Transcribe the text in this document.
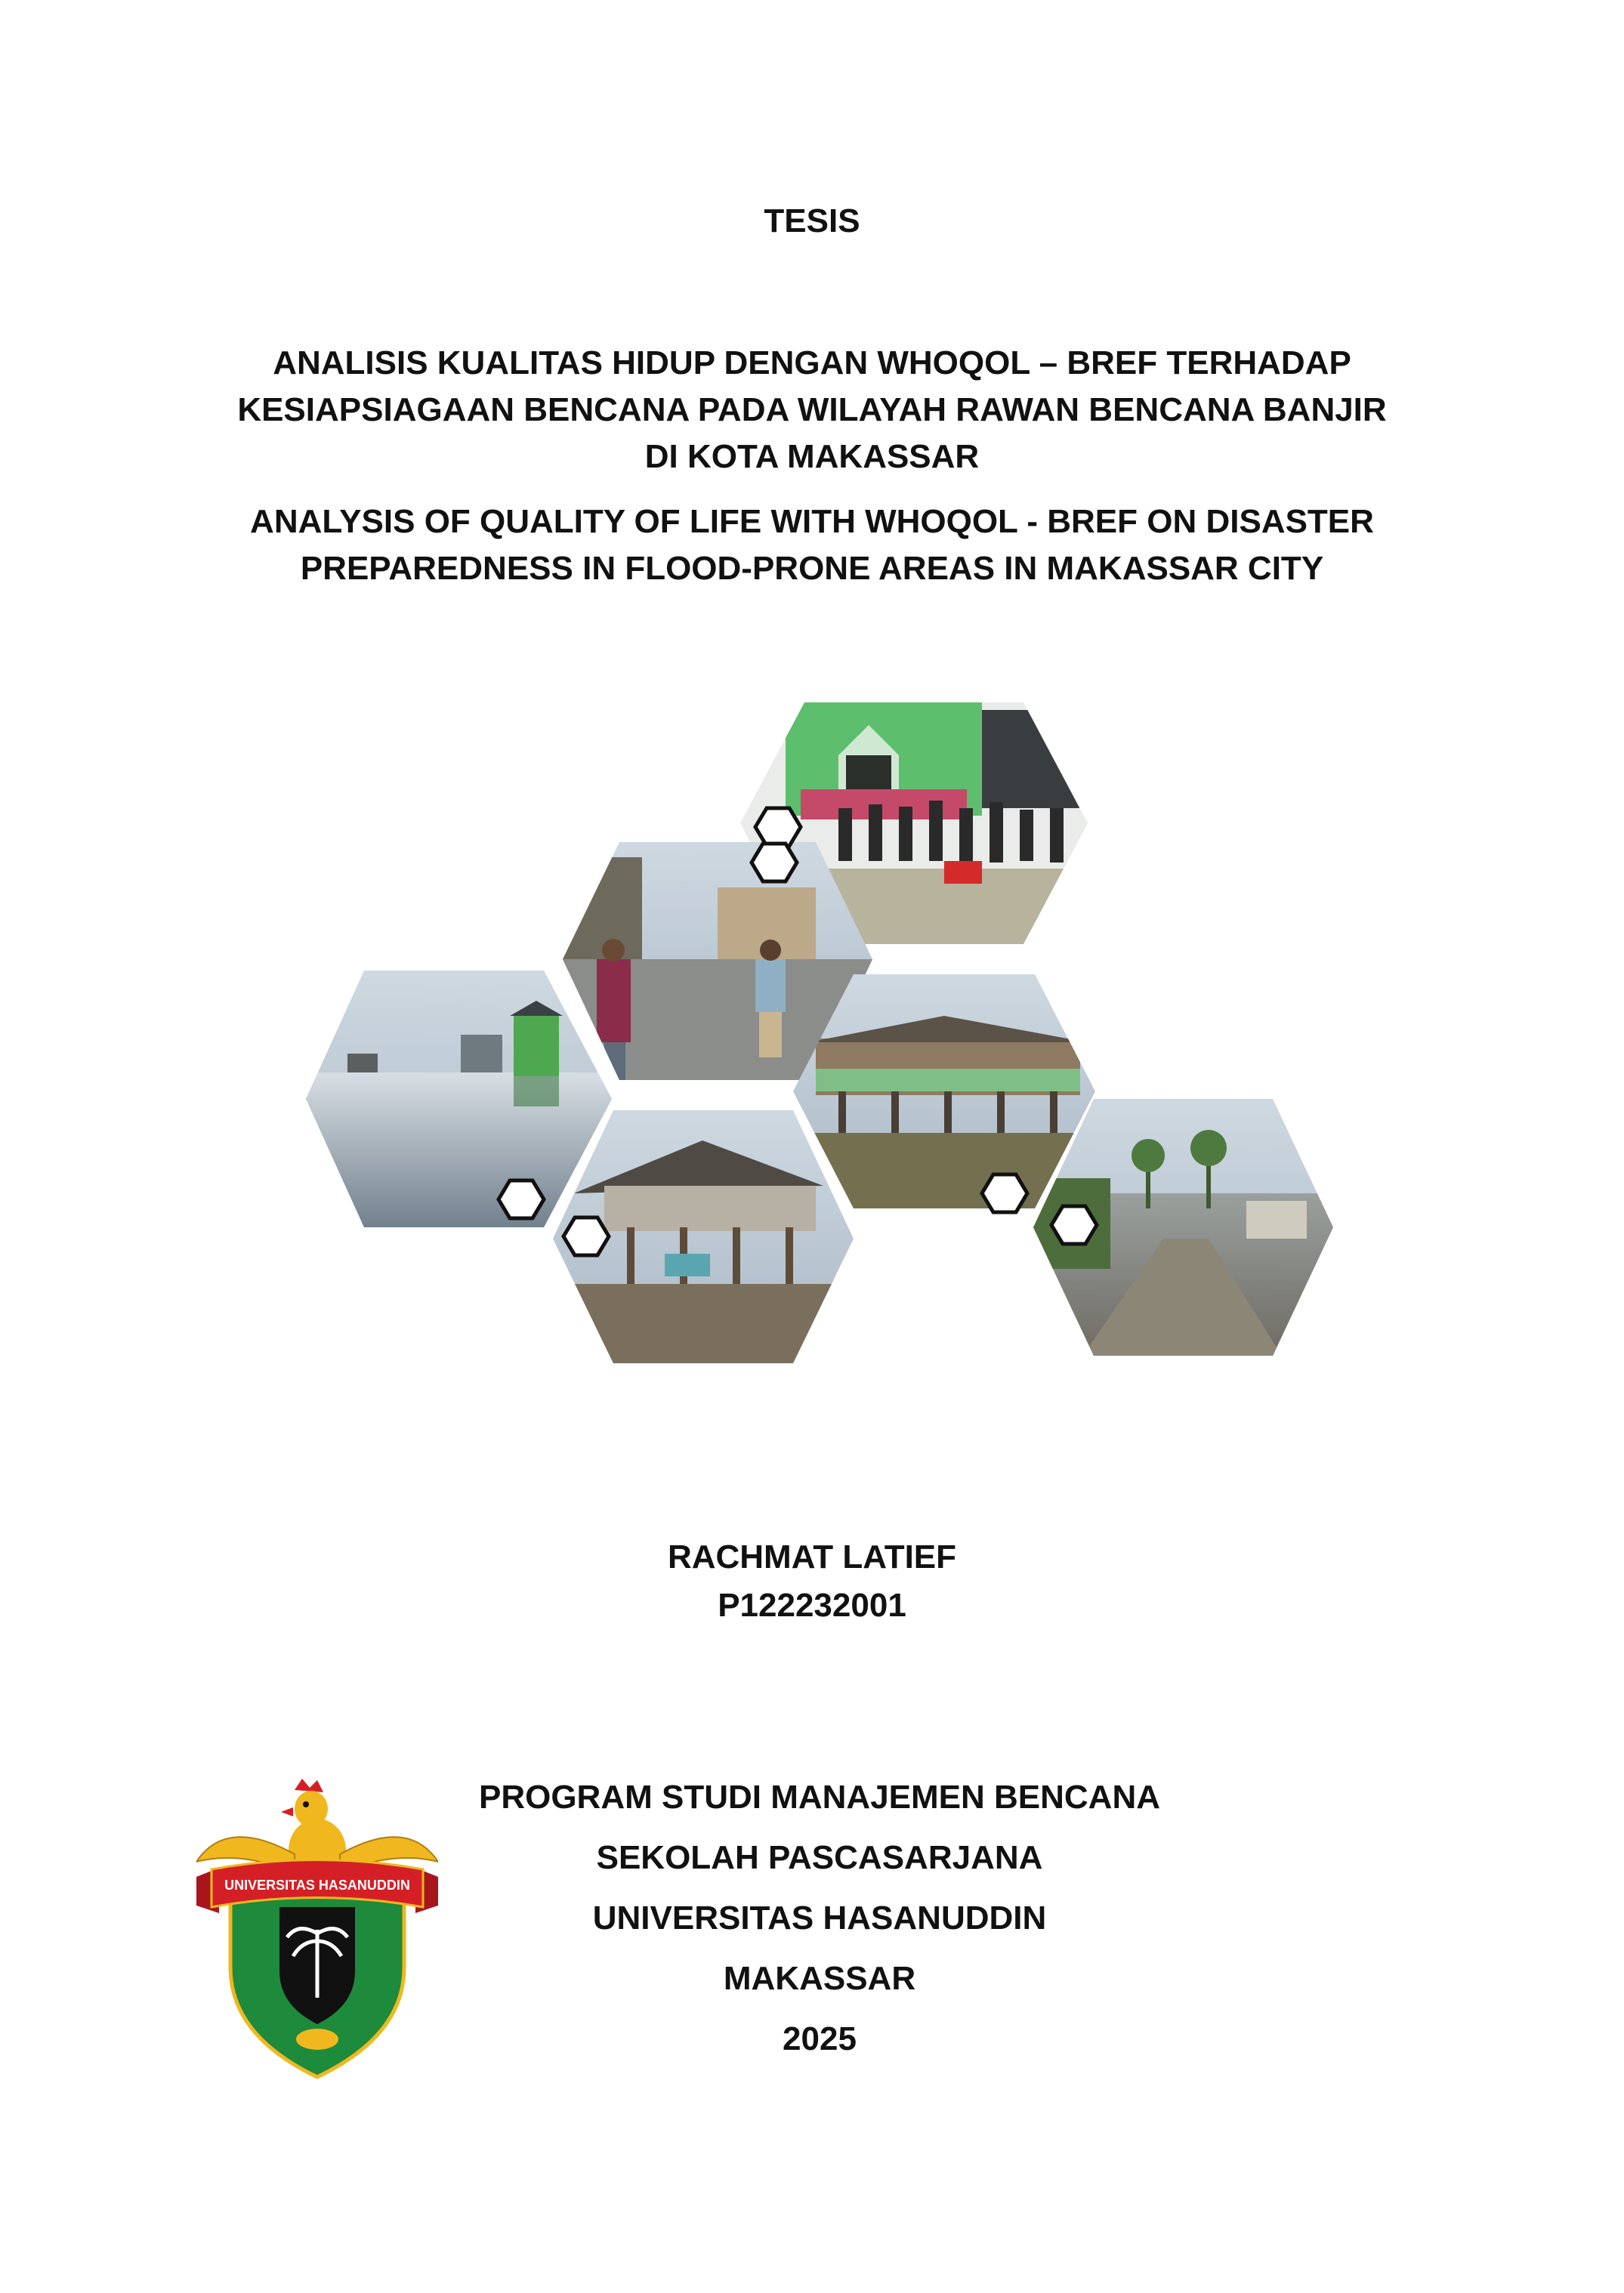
TESIS
ANALISIS KUALITAS HIDUP DENGAN WHOQOL – BREF TERHADAP
KESIAPSIAGAAN BENCANA PADA WILAYAH RAWAN BENCANA BANJIR
DI KOTA MAKASSAR
ANALYSIS OF QUALITY OF LIFE WITH WHOQOL - BREF ON DISASTER
PREPAREDNESS IN FLOOD-PRONE AREAS IN MAKASSAR CITY
RACHMAT LATIEF
P122232001
UNIVERSITAS HASANUDDIN
PROGRAM STUDI MANAJEMEN BENCANA
SEKOLAH PASCASARJANA
UNIVERSITAS HASANUDDIN
MAKASSAR
2025
